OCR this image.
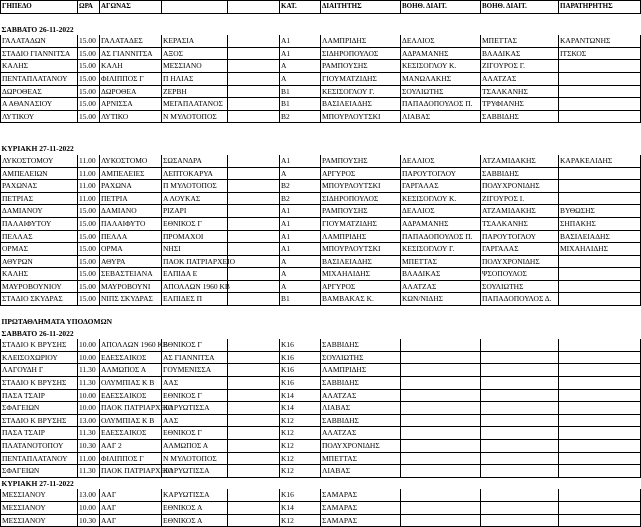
ΓΗΠΕΔΟ	ΩΡΑ	ΑΓΩΝΑΣ			ΚΑΤ.	ΔΙΑΙΤΗΤΗΣ	ΒΟΗΘ. ΔΙΑΙΤ.	ΒΟΗΘ. ΔΙΑΙΤ.	ΠΑΡΑΤΗΡΗΤΗΣ

ΣΑΒΒΑΤΟ 26-11-2022									
ΓΑΛΑΤΑΔΩΝ	15.00	ΓΑΛΑΤΑΔΕΣ	ΚΕΡΑΣΙΑ		Α1	ΛΑΜΠΡΙΔΗΣ	ΔΕΛΛΙΟΣ	ΜΠΕΤΤΑΣ	ΚΑΡΑΝΤΩΝΗΣ
ΣΤΑΔΙΟ ΓΙΑΝΝΙΤΣΑ	15.00	ΑΣ ΓΙΑΝΝΙΤΣΑ	ΑΞΟΣ		Α1	ΣΙΔΗΡΟΠΟΥΛΟΣ	ΑΔΡΑΜΑΝΗΣ	ΒΛΑΔΙΚΑΣ	ΙΤΣΚΟΣ
ΚΑΛΗΣ	15.00	ΚΑΛΗ	ΜΕΣΣΙΑΝΟ		Α	ΡΑΜΠΟΥΣΗΣ	ΚΕΣΙΣΟΓΛΟΥ Κ.	ΖΙΓΟΥΡΟΣ Γ.	
ΠΕΝΤΑΠΛΑΤΑΝΟΥ	15.00	ΦΙΛΙΠΠΟΣ Γ	Π ΗΛΙΑΣ		Α	ΓΙΟΥΜΑΤΖΙΔΗΣ	ΜΑΝΩΛΑΚΗΣ	ΑΛΑΤΖΑΣ	
ΔΩΡΟΘΕΑΣ	15.00	ΔΩΡΟΘΕΑ	ΖΕΡΒΗ		Β1	ΚΕΣΙΣΟΓΛΟΥ Γ.	ΣΟΥΛΙΩΤΗΣ	ΤΣΑΛΚΑΝΗΣ	
Α ΑΘΑΝΑΣΙΟΥ	15.00	ΑΡΝΙΣΣΑ	ΜΕΓΑΠΛΑΤΑΝΟΣ		Β1	ΒΑΣΙΛΕΙΑΔΗΣ	ΠΑΠΑΔΟΠΟΥΛΟΣ Π.	ΤΡΥΦΙΑΝΗΣ	
ΛΥΤΙΚΟΥ	15.00	ΛΥΤΙΚΟ	Ν ΜΥΛΟΤΟΠΟΣ		Β2	ΜΠΟΥΡΛΟΥΤΣΚΙ	ΛΙΑΒΑΣ	ΣΑΒΒΙΔΗΣ	

ΚΥΡΙΑΚΗ 27-11-2022									
ΛΥΚΟΣΤΟΜΟΥ	11.00	ΛΥΚΟΣΤΟΜΟ	ΣΩΣΑΝΔΡΑ		Α1	ΡΑΜΠΟΥΣΗΣ	ΔΕΛΛΙΟΣ	ΑΤΖΑΜΙΔΑΚΗΣ	ΚΑΡΑΚΕΛΙΔΗΣ
ΑΜΠΕΛΕΙΩΝ	11.00	ΑΜΠΕΛΕΙΕΣ	ΛΕΠΤΟΚΑΡΥΑ		Α	ΑΡΓΥΡΟΣ	ΠΑΡΟΥΤΟΓΛΟΥ	ΣΑΒΒΙΔΗΣ	
ΡΑΧΩΝΑΣ	11.00	ΡΑΧΩΝΑ	Π ΜΥΛΟΤΟΠΟΣ		Β2	ΜΠΟΥΡΛΟΥΤΣΚΙ	ΓΑΡΓΑΛΑΣ	ΠΟΛΥΧΡΟΝΙΔΗΣ	
ΠΕΤΡΙΑΣ	11.00	ΠΕΤΡΙΑ	Α ΛΟΥΚΑΣ		Β2	ΣΙΔΗΡΟΠΟΥΛΟΣ	ΚΕΣΙΣΟΓΛΟΥ Κ.	ΖΙΓΟΥΡΟΣ Ι.	
ΔΑΜΙΑΝΟΥ	15.00	ΔΑΜΙΑΝΟ	ΡΙΖΑΡΙ		Α1	ΡΑΜΠΟΥΣΗΣ	ΔΕΛΛΙΟΣ	ΑΤΖΑΜΙΔΑΚΗΣ	ΒΥΘΩΣΗΣ
ΠΑΛΑΙΦΥΤΟΥ	15.00	ΠΑΛΑΙΦΥΤΟ	ΕΘΝΙΚΟΣ Γ		Α1	ΓΙΟΥΜΑΤΖΙΔΗΣ	ΑΔΡΑΜΑΝΗΣ	ΤΣΑΛΚΑΝΗΣ	ΣΗΠΑΚΗΣ
ΠΕΛΛΑΣ	15.00	ΠΕΛΛΑ	ΠΡΟΜΑΧΟΙ		Α1	ΛΑΜΠΡΙΔΗΣ	ΠΑΠΑΔΟΠΟΥΛΟΣ Π.	ΠΑΡΟΥΤΟΓΛΟΥ	ΒΑΣΙΛΕΙΑΔΗΣ
ΟΡΜΑΣ	15.00	ΟΡΜΑ	ΝΗΣΙ		Α1	ΜΠΟΥΡΛΟΥΤΣΚΙ	ΚΕΣΙΣΟΓΛΟΥ Γ.	ΓΑΡΓΑΛΑΣ	ΜΙΧΑΗΛΙΔΗΣ
ΑΘΥΡΩΝ	15.00	ΑΘΥΡΑ	ΠΑΟΚ ΠΑΤΡΙΑΡΧΕΙΟ		Α	ΒΑΣΙΛΕΙΑΔΗΣ	ΜΠΕΤΤΑΣ	ΠΟΛΥΧΡΟΝΙΔΗΣ	
ΚΑΛΗΣ	15.00	ΣΕΒΑΣΤΕΙΑΝΑ	ΕΛΠΙΔΑ Ε		Α	ΜΙΧΑΗΛΙΔΗΣ	ΒΛΑΔΙΚΑΣ	ΨΣΟΠΟΥΛΟΣ	
ΜΑΥΡΟΒΟΥΝΙΟΥ	15.00	ΜΑΥΡΟΒΟΥΝΙ	ΑΠΟΛΛΩΝ 1960 ΚΒ		Α	ΑΡΓΥΡΟΣ	ΑΛΑΤΖΑΣ	ΣΟΥΛΙΩΤΗΣ	
ΣΤΑΔΙΟ ΣΚΥΔΡΑΣ	15.00	ΝΙΠΣ ΣΚΥΔΡΑΣ	ΕΛΠΙΔΕΣ Π		Β1	ΒΑΜΒΑΚΑΣ Κ.	ΚΩΝ/ΝΙΔΗΣ	ΠΑΠΑΔΟΠΟΥΛΟΣ Δ.	

ΠΡΩΤΑΘΛΗΜΑΤΑ ΥΠΟΔΟΜΩΝ									
ΣΑΒΒΑΤΟ 26-11-2022									
ΣΤΑΔΙΟ Κ ΒΡΥΣΗΣ	10.00	ΑΠΟΛΛΩΝ 1960 ΚΒ	ΕΘΝΙΚΟΣ Γ		Κ16	ΣΑΒΒΙΔΗΣ			
ΚΛΕΙΣΟΧΩΡΙΟΥ	10.00	ΕΔΕΣΣΑΙΚΟΣ	ΑΣ ΓΙΑΝΝΙΤΣΑ		Κ16	ΣΟΥΛΙΩΤΗΣ			
ΛΑΓΟΥΔΗ Γ	11.30	ΑΛΜΩΠΟΣ Α	ΓΟΥΜΕΝΙΣΣΑ		Κ16	ΛΑΜΠΡΙΔΗΣ			
ΣΤΑΔΙΟ Κ ΒΡΥΣΗΣ	11.30	ΟΛΥΜΠΙΑΣ Κ Β	ΑΑΣ		Κ16	ΣΑΒΒΙΔΗΣ			
ΠΑΣΑ ΤΣΑΙΡ	10.00	ΕΔΕΣΣΑΙΚΟΣ	ΕΘΝΙΚΟΣ Γ		Κ14	ΑΛΑΤΖΑΣ			
ΣΦΑΓΕΙΩΝ	10.00	ΠΑΟΚ ΠΑΤΡΙΑΡΧΕΙΟ	ΚΑΡΥΩΤΙΣΣΑ		Κ14	ΛΙΑΒΑΣ			
ΣΤΑΔΙΟ Κ ΒΡΥΣΗΣ	13.00	ΟΛΥΜΠΙΑΣ Κ Β	ΑΑΣ		Κ12	ΣΑΒΒΙΔΗΣ			
ΠΑΣΑ ΤΣΑΙΡ	11.30	ΕΔΕΣΣΑΙΚΟΣ	ΕΘΝΙΚΟΣ Γ		Κ12	ΑΛΑΤΖΑΣ			
ΠΛΑΤΑΝΟΤΟΠΟΥ	10.30	ΑΑΓ 2	ΑΛΜΩΠΟΣ Α		Κ12	ΠΟΛΥΧΡΟΝΙΔΗΣ			
ΠΕΝΤΑΠΛΑΤΑΝΟΥ	11.00	ΦΙΛΙΠΠΟΣ Γ	Ν ΜΥΛΟΤΟΠΟΣ		Κ12	ΜΠΕΤΤΑΣ			
ΣΦΑΓΕΙΩΝ	11.30	ΠΑΟΚ ΠΑΤΡΙΑΡΧΕΙΟ	ΚΑΡΥΩΤΙΣΣΑ		Κ12	ΛΙΑΒΑΣ			
ΚΥΡΙΑΚΗ 27-11-2022									
ΜΕΣΣΙΑΝΟΥ	13.00	ΑΑΓ	ΚΑΡΥΩΤΙΣΣΑ		Κ16	ΣΑΜΑΡΑΣ			
ΜΕΣΣΙΑΝΟΥ	10.00	ΑΑΓ	ΕΘΝΙΚΟΣ Α		Κ14	ΣΑΜΑΡΑΣ			
ΜΕΣΣΙΑΝΟΥ	10.30	ΑΑΓ	ΕΘΝΙΚΟΣ Α		Κ12	ΣΑΜΑΡΑΣ			
